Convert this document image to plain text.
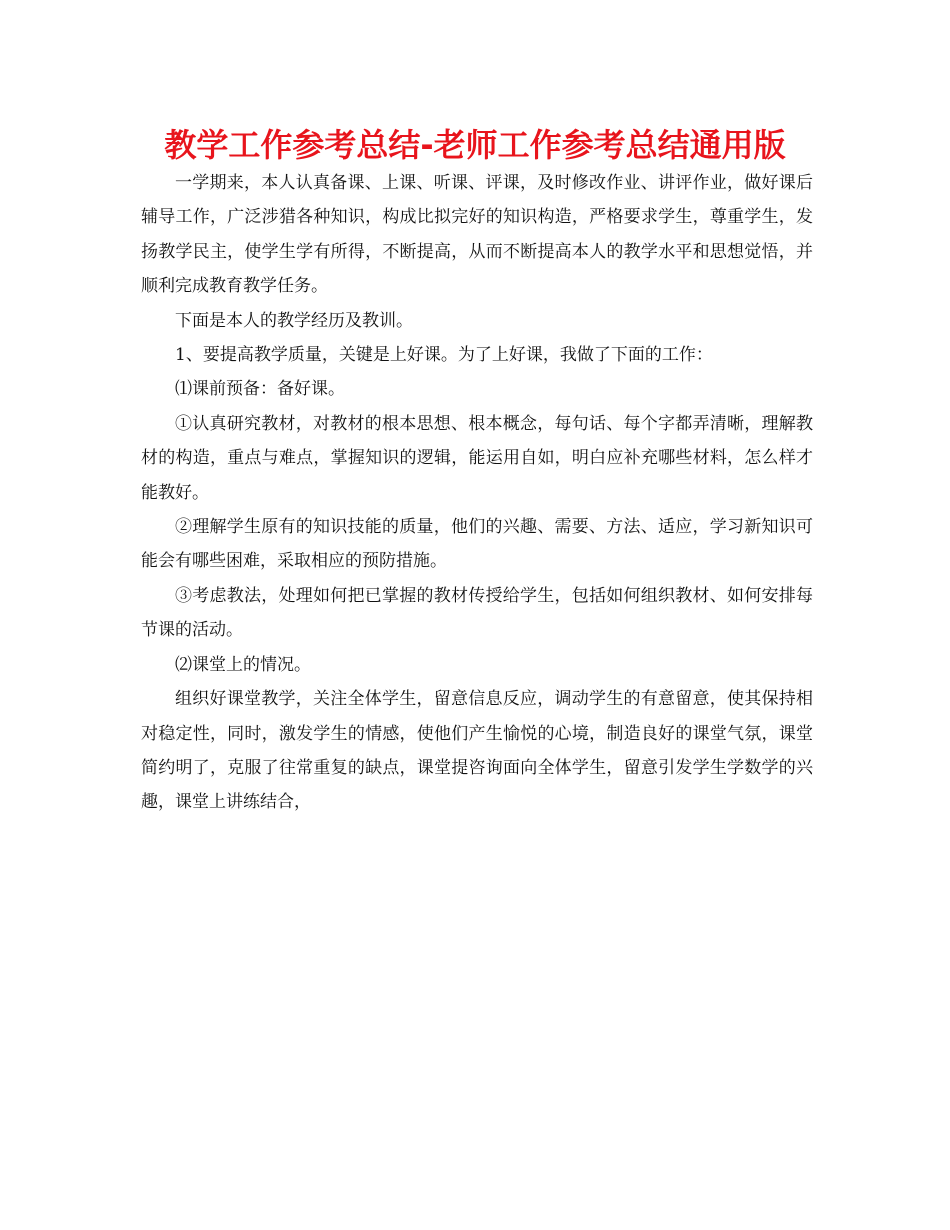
教学工作参考总结-老师工作参考总结通用版

一学期来，本人认真备课、上课、听课、评课，及时修改作业、讲评作业，做好课后辅导工作，广泛涉猎各种知识，构成比拟完好的知识构造，严格要求学生，尊重学生，发扬教学民主，使学生学有所得，不断提高，从而不断提高本人的教学水平和思想觉悟，并顺利完成教育教学任务。

下面是本人的教学经历及教训。

1、要提高教学质量，关键是上好课。为了上好课，我做了下面的工作：

⑴课前预备：备好课。

①认真研究教材，对教材的根本思想、根本概念，每句话、每个字都弄清晰，理解教材的构造，重点与难点，掌握知识的逻辑，能运用自如，明白应补充哪些材料，怎么样才能教好。

②理解学生原有的知识技能的质量，他们的兴趣、需要、方法、适应，学习新知识可能会有哪些困难，采取相应的预防措施。

③考虑教法，处理如何把已掌握的教材传授给学生，包括如何组织教材、如何安排每节课的活动。

⑵课堂上的情况。

组织好课堂教学，关注全体学生，留意信息反应，调动学生的有意留意，使其保持相对稳定性，同时，激发学生的情感，使他们产生愉悦的心境，制造良好的课堂气氛，课堂简约明了，克服了往常重复的缺点，课堂提咨询面向全体学生，留意引发学生学数学的兴趣，课堂上讲练结合，
